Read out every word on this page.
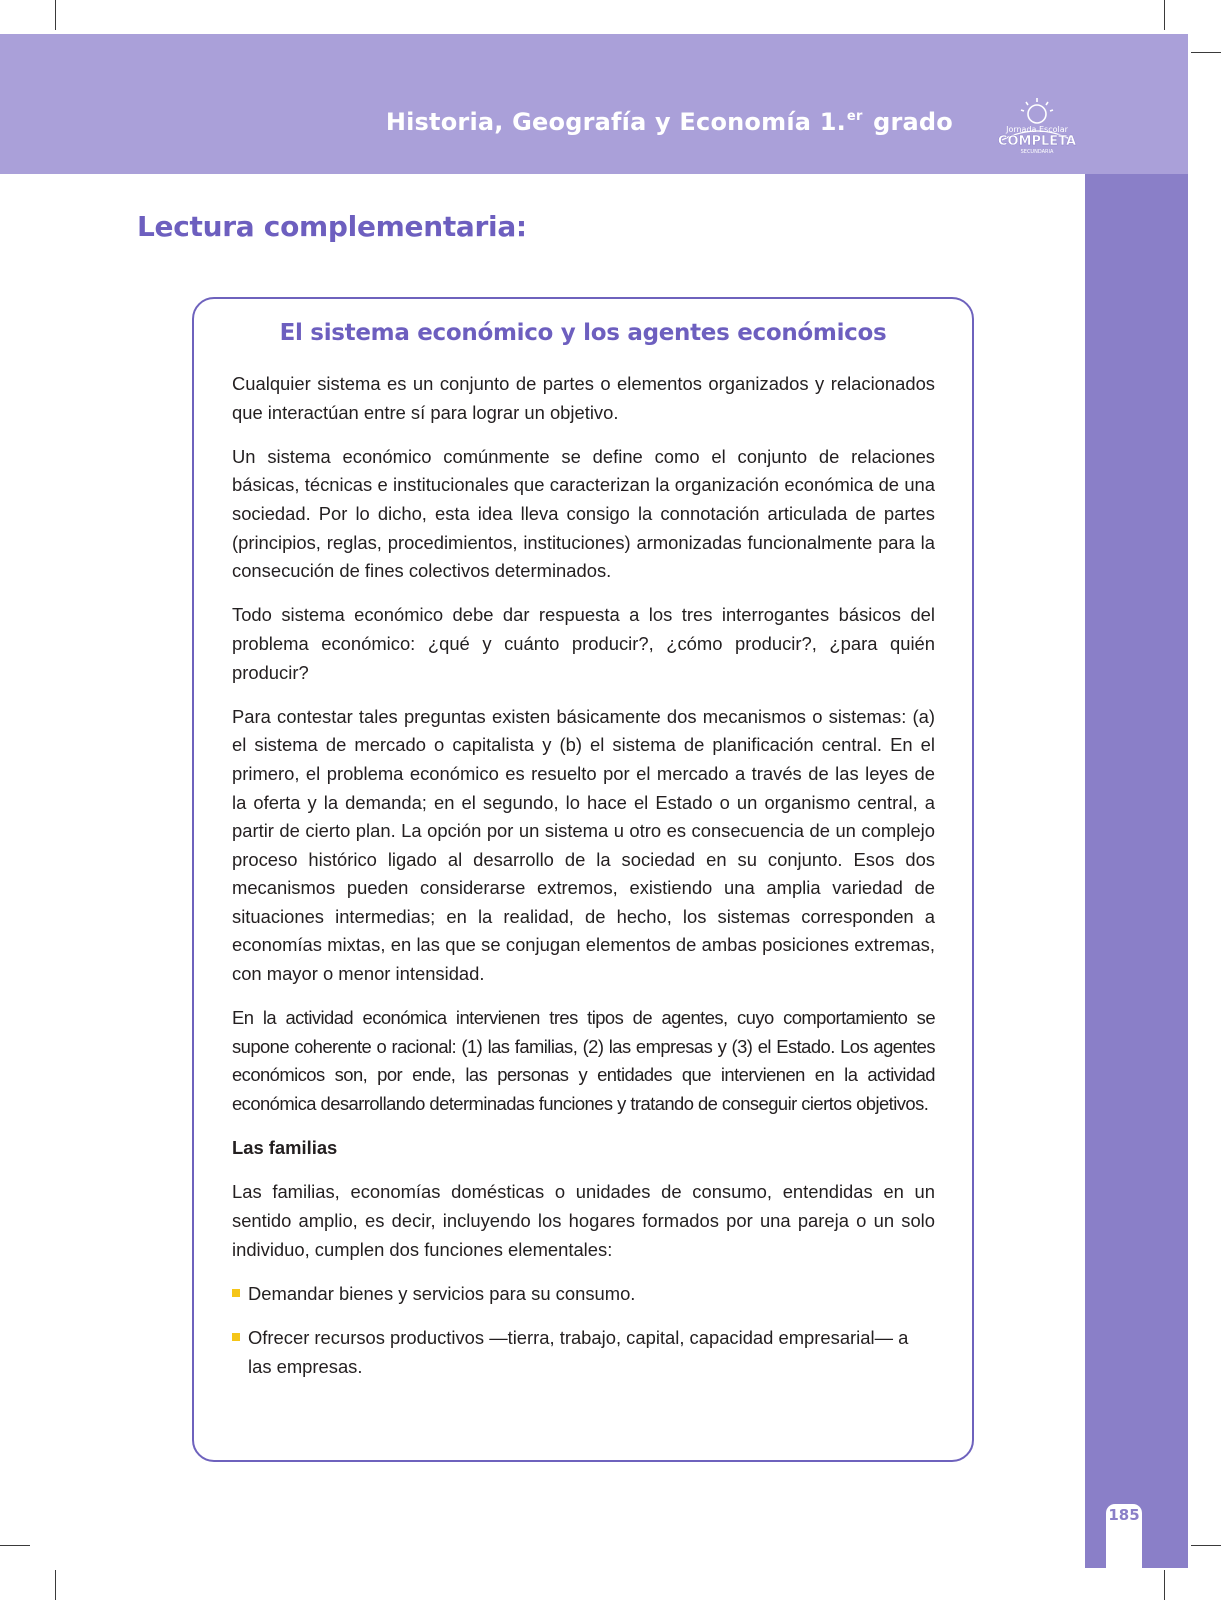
Historia, Geografía y Economía 1.$^{er}$ grado	Jornada Escolar
COMPLETA
SECUNDARIA
Lectura complementaria:
El sistema económico y los agentes económicos

Cualquier sistema es un conjunto de partes o elementos organizados y relacionados que interactúan entre sí para lograr un objetivo.

Un sistema económico comúnmente se define como el conjunto de relaciones básicas, técnicas e institucionales que caracterizan la organización económica de una sociedad. Por lo dicho, esta idea lleva consigo la connotación articulada de partes (principios, reglas, procedimientos, instituciones) armonizadas funcionalmente para la consecución de fines colectivos determinados.

Todo sistema económico debe dar respuesta a los tres interrogantes básicos del problema económico: ¿qué y cuánto producir?, ¿cómo producir?, ¿para quién producir?

Para contestar tales preguntas existen básicamente dos mecanismos o sistemas: (a) el sistema de mercado o capitalista y (b) el sistema de planificación central. En el primero, el problema económico es resuelto por el mercado a través de las leyes de la oferta y la demanda; en el segundo, lo hace el Estado o un organismo central, a partir de cierto plan. La opción por un sistema u otro es consecuencia de un complejo proceso histórico ligado al desarrollo de la sociedad en su conjunto. Esos dos mecanismos pueden considerarse extremos, existiendo una amplia variedad de situaciones intermedias; en la realidad, de hecho, los sistemas corresponden a economías mixtas, en las que se conjugan elementos de ambas posiciones extremas, con mayor o menor intensidad.

En la actividad económica intervienen tres tipos de agentes, cuyo comportamiento se supone coherente o racional: (1) las familias, (2) las empresas y (3) el Estado. Los agentes económicos son, por ende, las personas y entidades que intervienen en la actividad económica desarrollando determinadas funciones y tratando de conseguir ciertos objetivos.

Las familias

Las familias, economías domésticas o unidades de consumo, entendidas en un sentido amplio, es decir, incluyendo los hogares formados por una pareja o un solo individuo, cumplen dos funciones elementales:

Demandar bienes y servicios para su consumo.
Ofrecer recursos productivos —tierra, trabajo, capital, capacidad empresarial— a las empresas.
185
